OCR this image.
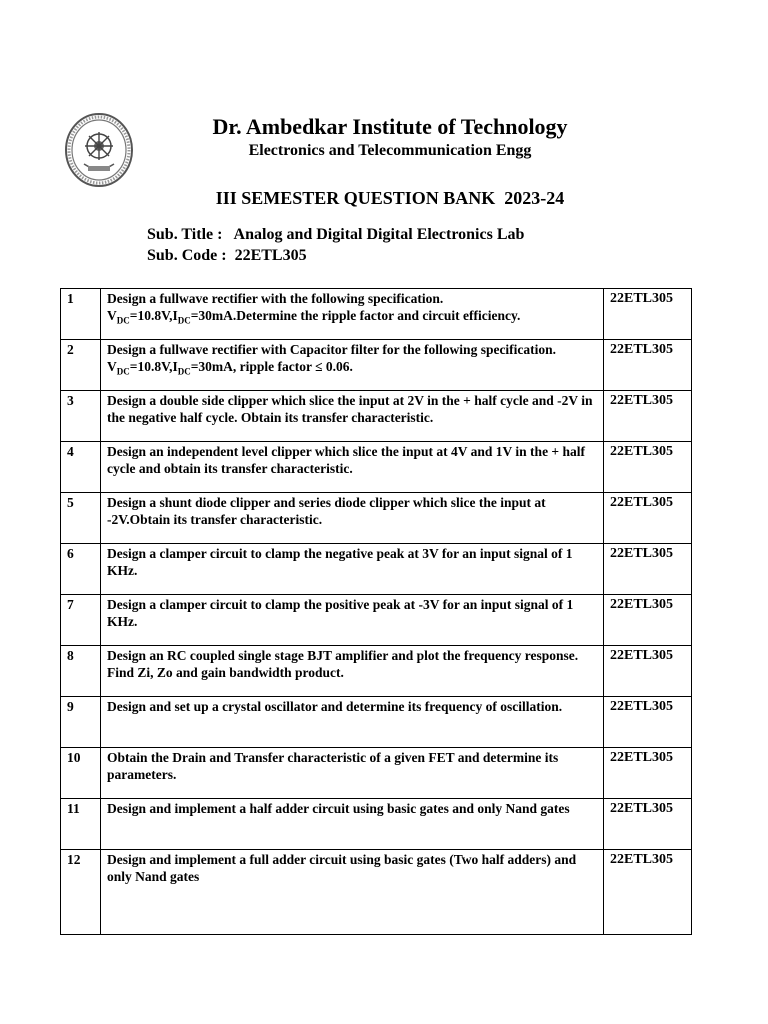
Dr. Ambedkar Institute of Technology
Electronics and Telecommunication Engg
III SEMESTER QUESTION BANK  2023-24
Sub. Title :   Analog and Digital Digital Electronics Lab
Sub. Code :  22ETL305
1	Design a fullwave rectifier with the following specification. $V_{DC}=10.8V,I_{DC}=30mA.Determine$ the ripple factor and circuit efficiency.	22ETL305
2	Design a fullwave rectifier with Capacitor filter for the following specification. $V_{DC}=10.8V,I_{DC}=30mA$, ripple factor ≤ 0.06.	22ETL305
3	Design a double side clipper which slice the input at 2V in the + half cycle and -2V in the negative half cycle. Obtain its transfer characteristic.	22ETL305
4	Design an independent level clipper which slice the input at 4V and 1V in the + half cycle and obtain its transfer characteristic.	22ETL305
5	Design a shunt diode clipper and series diode clipper which slice the input at -2V.Obtain its transfer characteristic.	22ETL305
6	Design a clamper circuit to clamp the negative peak at 3V for an input signal of 1 KHz.	22ETL305
7	Design a clamper circuit to clamp the positive peak at -3V for an input signal of 1 KHz.	22ETL305
8	Design an RC coupled single stage BJT amplifier and plot the frequency response. Find Zi, Zo and gain bandwidth product.	22ETL305
9	Design and set up a crystal oscillator and determine its frequency of oscillation.	22ETL305
10	Obtain the Drain and Transfer characteristic of a given FET and determine its parameters.	22ETL305
11	Design and implement a half adder circuit using basic gates and only Nand gates	22ETL305
12	Design and implement a full adder circuit using basic gates (Two half adders) and only Nand gates	22ETL305
